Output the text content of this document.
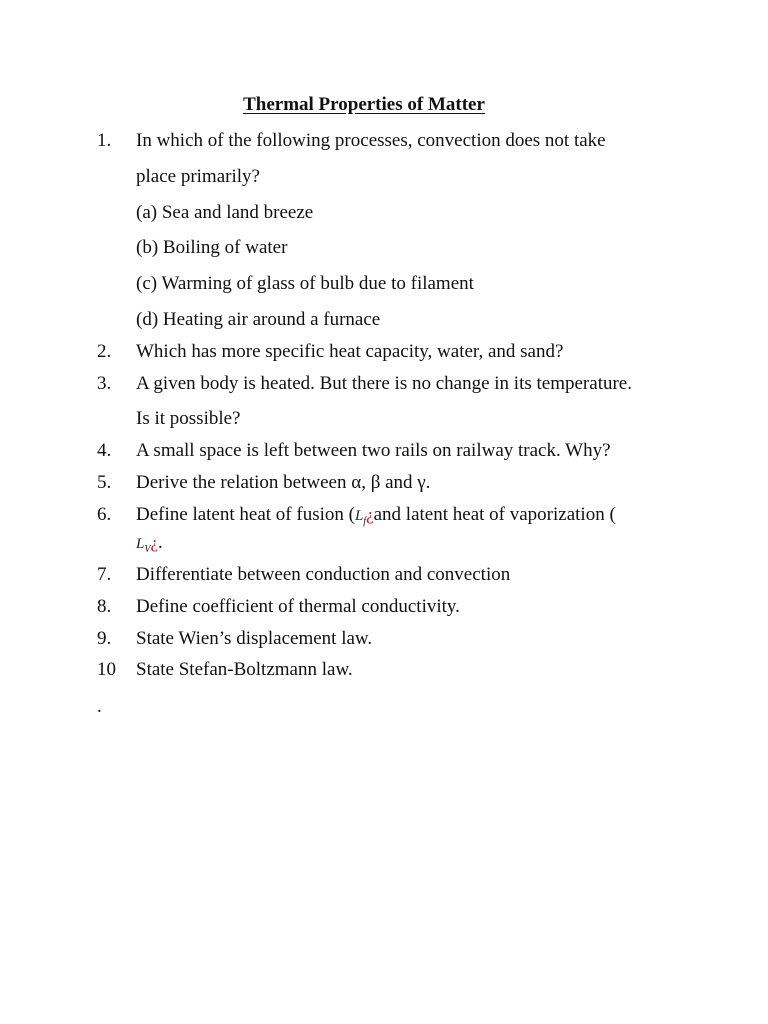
Thermal Properties of Matter
1. In which of the following processes, convection does not take
place primarily?
(a) Sea and land breeze
(b) Boiling of water
(c) Warming of glass of bulb due to filament
(d) Heating air around a furnace
2. Which has more specific heat capacity, water, and sand?
3. A given body is heated. But there is no change in its temperature.
Is it possible?
4. A small space is left between two rails on railway track. Why?
5. Derive the relation between α, β and γ.
6. Define latent heat of fusion ($L_f¿and$ latent heat of vaporization (
$L_V¿$.
7. Differentiate between conduction and convection
8. Define coefficient of thermal conductivity.
9. State Wien’s displacement law.
10 State Stefan-Boltzmann law.
.
